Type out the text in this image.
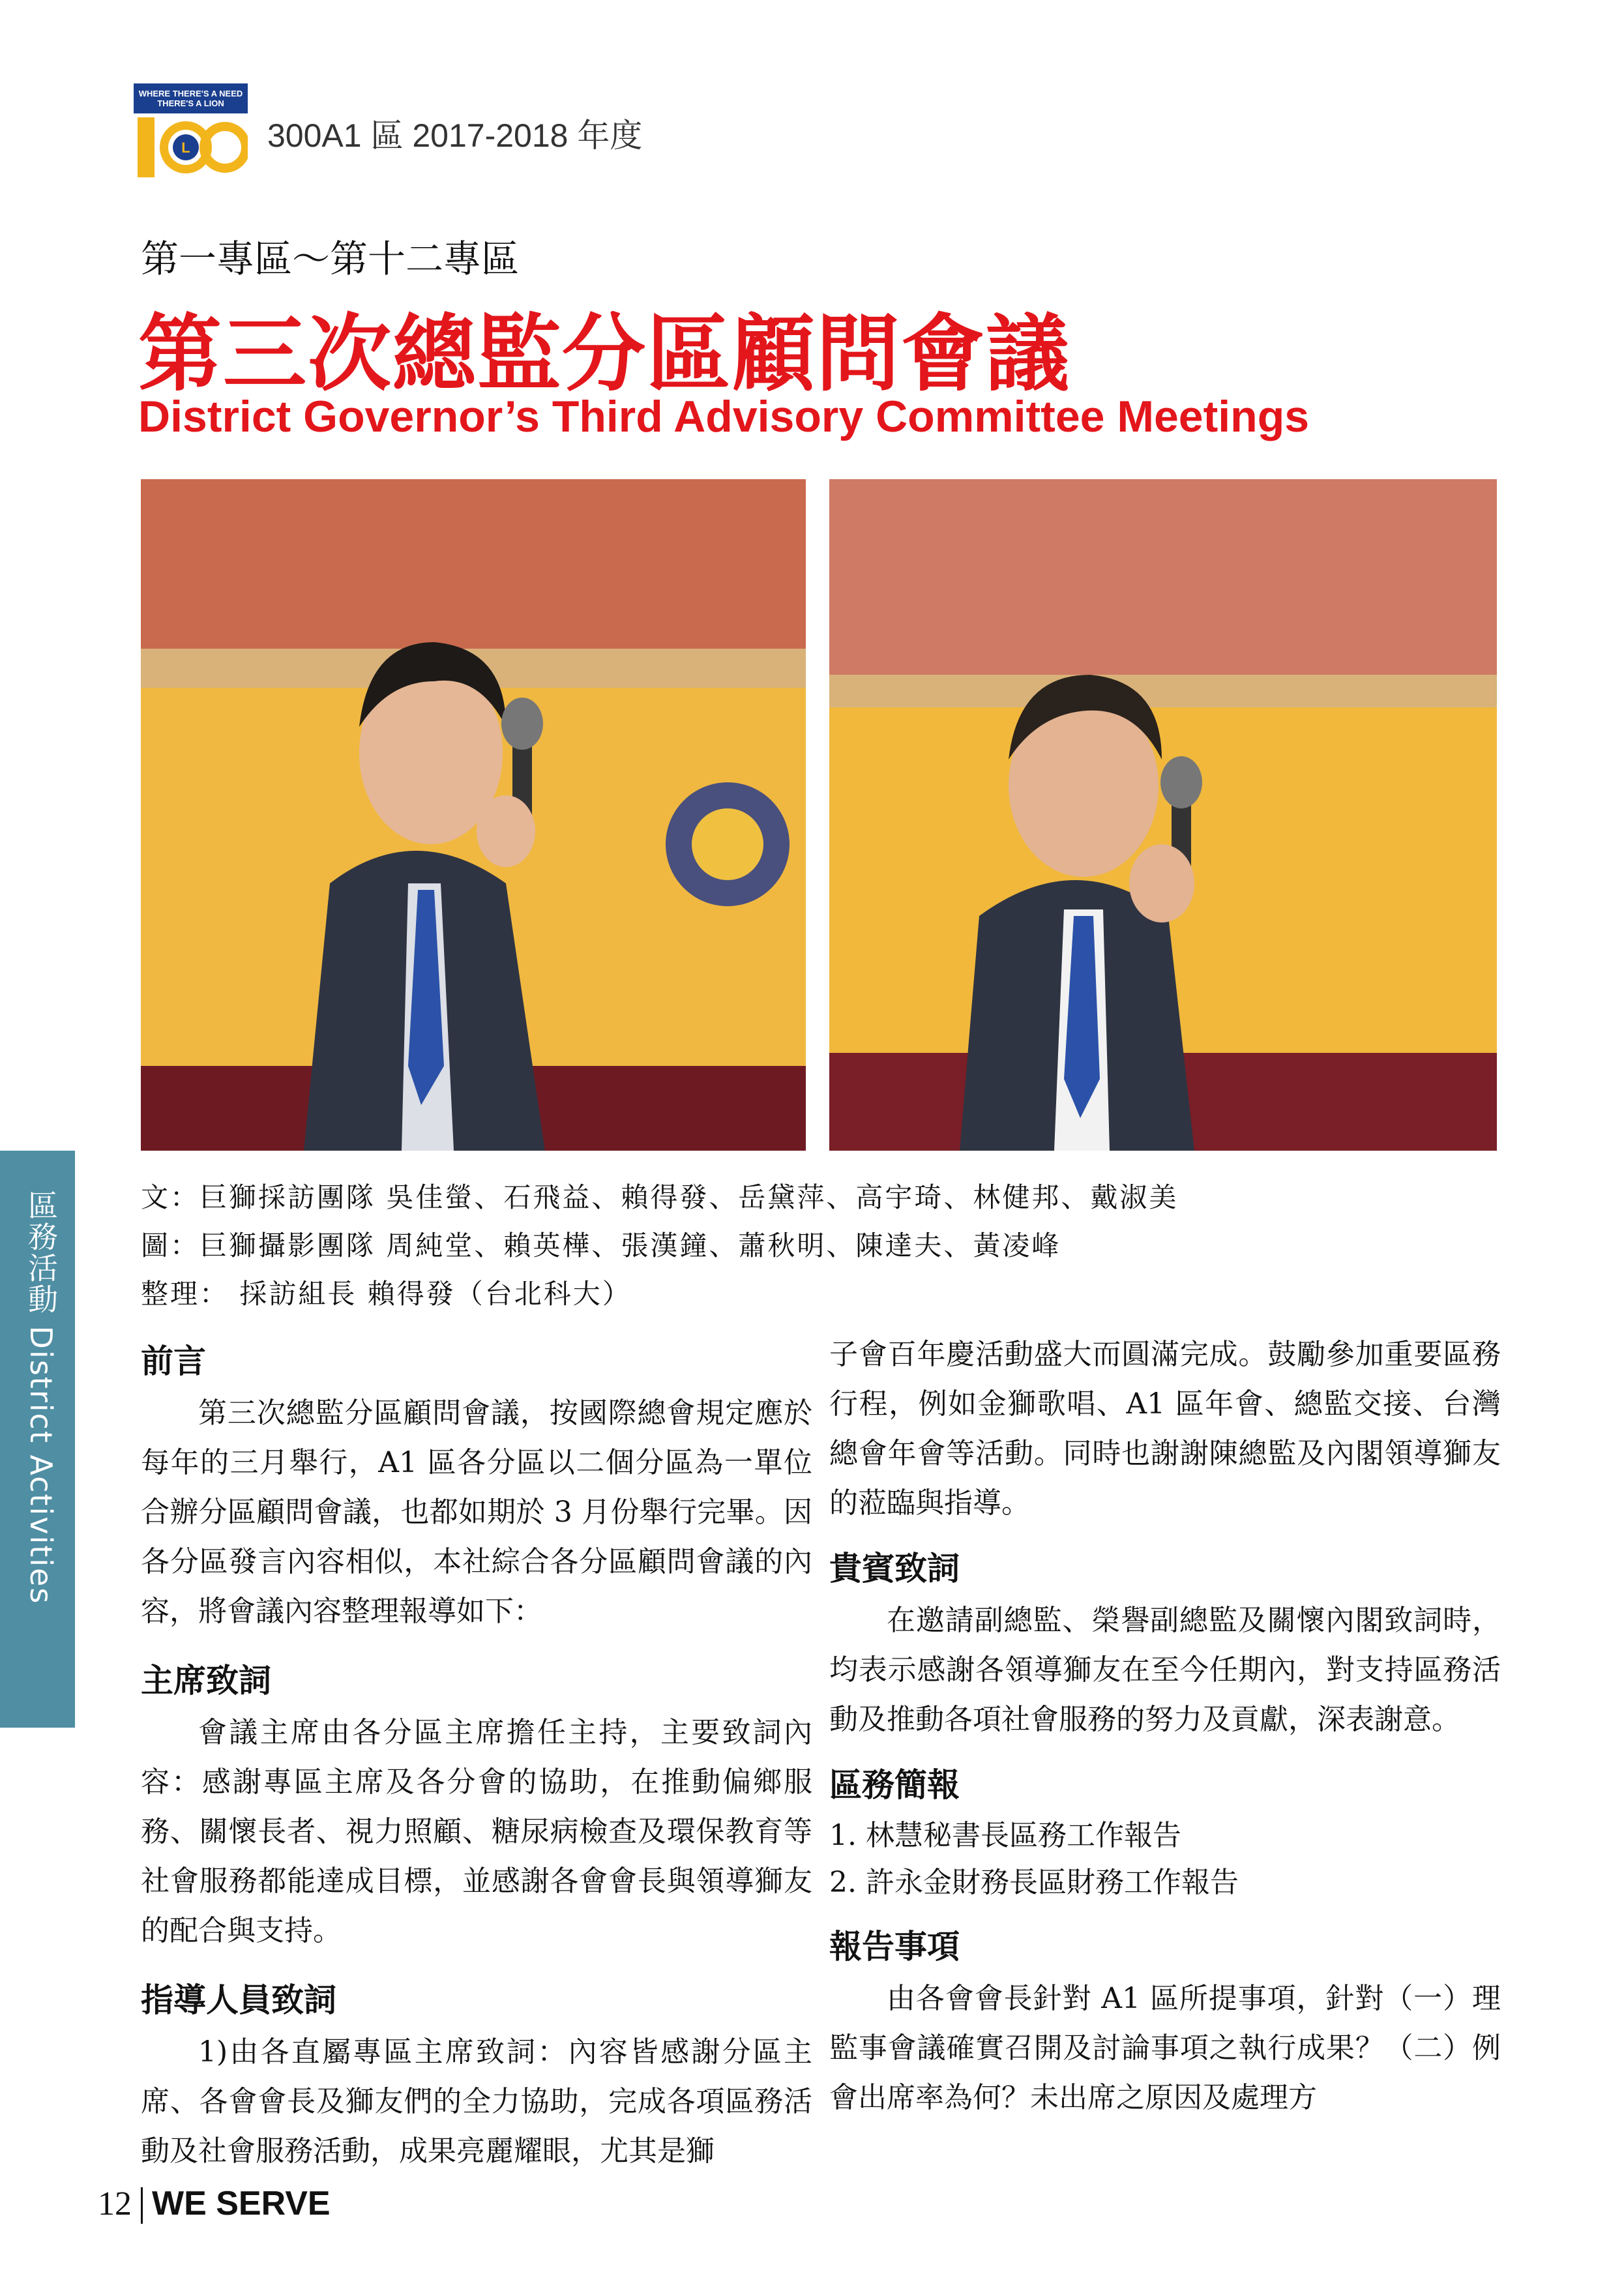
WHERE THERE'S A NEED
THERE'S A LION
L 300A1 區 2017-2018 年度
第一專區～第十二專區
第三次總監分區顧問會議
District Governor’s Third Advisory Committee Meetings
區務活動 District Activities	文：巨獅採訪團隊 吳佳螢、石飛益、賴得發、岳黛萍、高宇琦、林健邦、戴淑美
圖：巨獅攝影團隊 周純堂、賴英樺、張漢鐘、蕭秋明、陳達夫、黃凌峰
整理： 採訪組長 賴得發（台北科大）
前言

第三次總監分區顧問會議，按國際總會規定應於每年的三月舉行，A1 區各分區以二個分區為一單位合辦分區顧問會議，也都如期於 3 月份舉行完畢。因各分區發言內容相似，本社綜合各分區顧問會議的內容，將會議內容整理報導如下：

主席致詞

會議主席由各分區主席擔任主持，主要致詞內容：感謝專區主席及各分會的協助，在推動偏鄉服務、關懷長者、視力照顧、糖尿病檢查及環保教育等社會服務都能達成目標，並感謝各會會長與領導獅友的配合與支持。

指導人員致詞

1)由各直屬專區主席致詞：內容皆感謝分區主席、各會會長及獅友們的全力協助，完成各項區務活動及社會服務活動，成果亮麗耀眼，尤其是獅

子會百年慶活動盛大而圓滿完成。鼓勵參加重要區務行程，例如金獅歌唱、A1 區年會、總監交接、台灣總會年會等活動。同時也謝謝陳總監及內閣領導獅友的蒞臨與指導。

貴賓致詞

在邀請副總監、榮譽副總監及關懷內閣致詞時，均表示感謝各領導獅友在至今任期內，對支持區務活動及推動各項社會服務的努力及貢獻，深表謝意。

區務簡報
1. 林慧秘書長區務工作報告
2. 許永金財務長區財務工作報告
報告事項

由各會會長針對 A1 區所提事項，針對（一）理監事會議確實召開及討論事項之執行成果？（二）例會出席率為何？未出席之原因及處理方

12 WE SERVE
